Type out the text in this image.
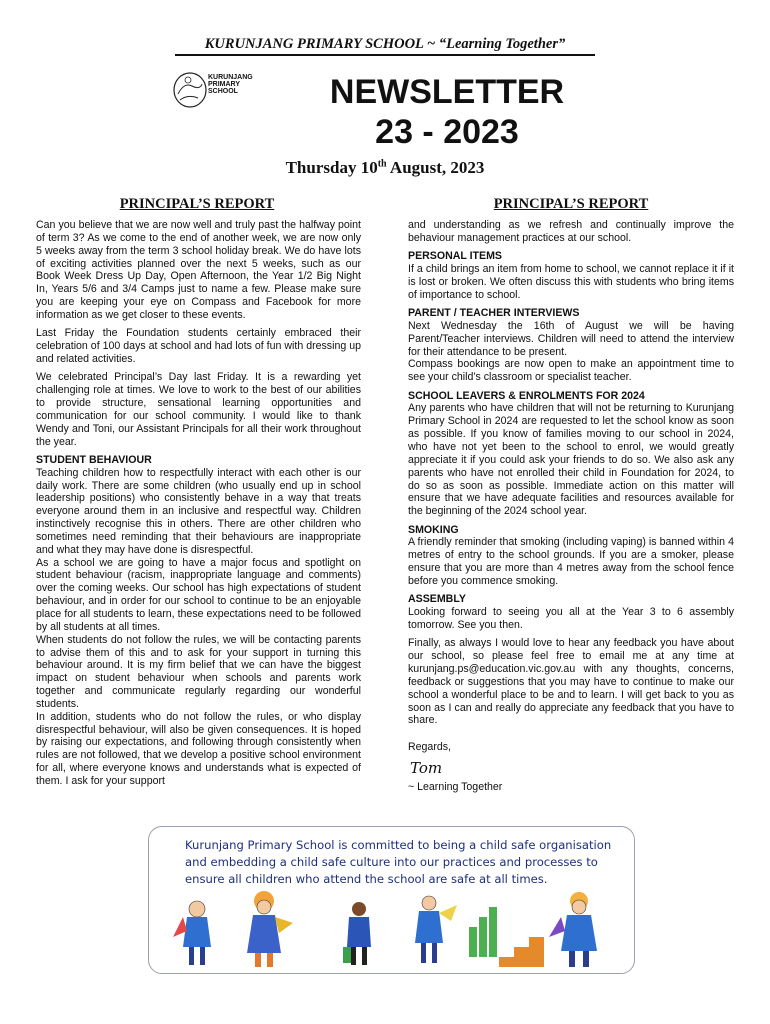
KURUNJANG PRIMARY SCHOOL ~ “Learning Together”
KURUNJANG
PRIMARY
SCHOOL	NEWSLETTER
23 - 2023
Thursday 10th August, 2023
PRINCIPAL’S REPORT	PRINCIPAL’S REPORT

Can you believe that we are now well and truly past the halfway point of term 3? As we come to the end of another week, we are now only 5 weeks away from the term 3 school holiday break. We do have lots of exciting activities planned over the next 5 weeks, such as our Book Week Dress Up Day, Open Afternoon, the Year 1/2 Big Night In, Years 5/6 and 3/4 Camps just to name a few. Please make sure you are keeping your eye on Compass and Facebook for more information as we get closer to these events.

Last Friday the Foundation students certainly embraced their celebration of 100 days at school and had lots of fun with dressing up and related activities.

We celebrated Principal’s Day last Friday. It is a rewarding yet challenging role at times. We love to work to the best of our abilities to provide structure, sensational learning opportunities and communication for our school community. I would like to thank Wendy and Toni, our Assistant Principals for all their work throughout the year.

STUDENT BEHAVIOUR
Teaching children how to respectfully interact with each other is our daily work. There are some children (who usually end up in school leadership positions) who consistently behave in a way that treats everyone around them in an inclusive and respectful way. Children instinctively recognise this in others. There are other children who sometimes need reminding that their behaviours are inappropriate and what they may have done is disrespectful.
As a school we are going to have a major focus and spotlight on student behaviour (racism, inappropriate language and comments) over the coming weeks. Our school has high expectations of student behaviour, and in order for our school to continue to be an enjoyable place for all students to learn, these expectations need to be followed by all students at all times.
When students do not follow the rules, we will be contacting parents to advise them of this and to ask for your support in turning this behaviour around. It is my firm belief that we can have the biggest impact on student behaviour when schools and parents work together and communicate regularly regarding our wonderful students.
In addition, students who do not follow the rules, or who display disrespectful behaviour, will also be given consequences. It is hoped by raising our expectations, and following through consistently when rules are not followed, that we develop a positive school environment for all, where everyone knows and understands what is expected of them. I ask for your support

and understanding as we refresh and continually improve the behaviour management practices at our school.

PERSONAL ITEMS
If a child brings an item from home to school, we cannot replace it if it is lost or broken. We often discuss this with students who bring items of importance to school.
PARENT / TEACHER INTERVIEWS
Next Wednesday the 16th of August we will be having Parent/Teacher interviews. Children will need to attend the interview for their attendance to be present.
Compass bookings are now open to make an appointment time to see your child’s classroom or specialist teacher.
SCHOOL LEAVERS & ENROLMENTS FOR 2024
Any parents who have children that will not be returning to Kurunjang Primary School in 2024 are requested to let the school know as soon as possible. If you know of families moving to our school in 2024, who have not yet been to the school to enrol, we would greatly appreciate it if you could ask your friends to do so. We also ask any parents who have not enrolled their child in Foundation for 2024, to do so as soon as possible. Immediate action on this matter will ensure that we have adequate facilities and resources available for the beginning of the 2024 school year.
SMOKING
A friendly reminder that smoking (including vaping) is banned within 4 metres of entry to the school grounds. If you are a smoker, please ensure that you are more than 4 metres away from the school fence before you commence smoking.
ASSEMBLY
Looking forward to seeing you all at the Year 3 to 6 assembly tomorrow. See you then.

Finally, as always I would love to hear any feedback you have about our school, so please feel free to email me at any time at kurunjang.ps@education.vic.gov.au with any thoughts, concerns, feedback or suggestions that you may have to continue to make our school a wonderful place to be and to learn. I will get back to you as soon as I can and really do appreciate any feedback that you have to share.

Regards,
Tom
~ Learning Together
Kurunjang Primary School is committed to being a child safe organisation
and embedding a child safe culture into our practices and processes to
ensure all children who attend the school are safe at all times.
